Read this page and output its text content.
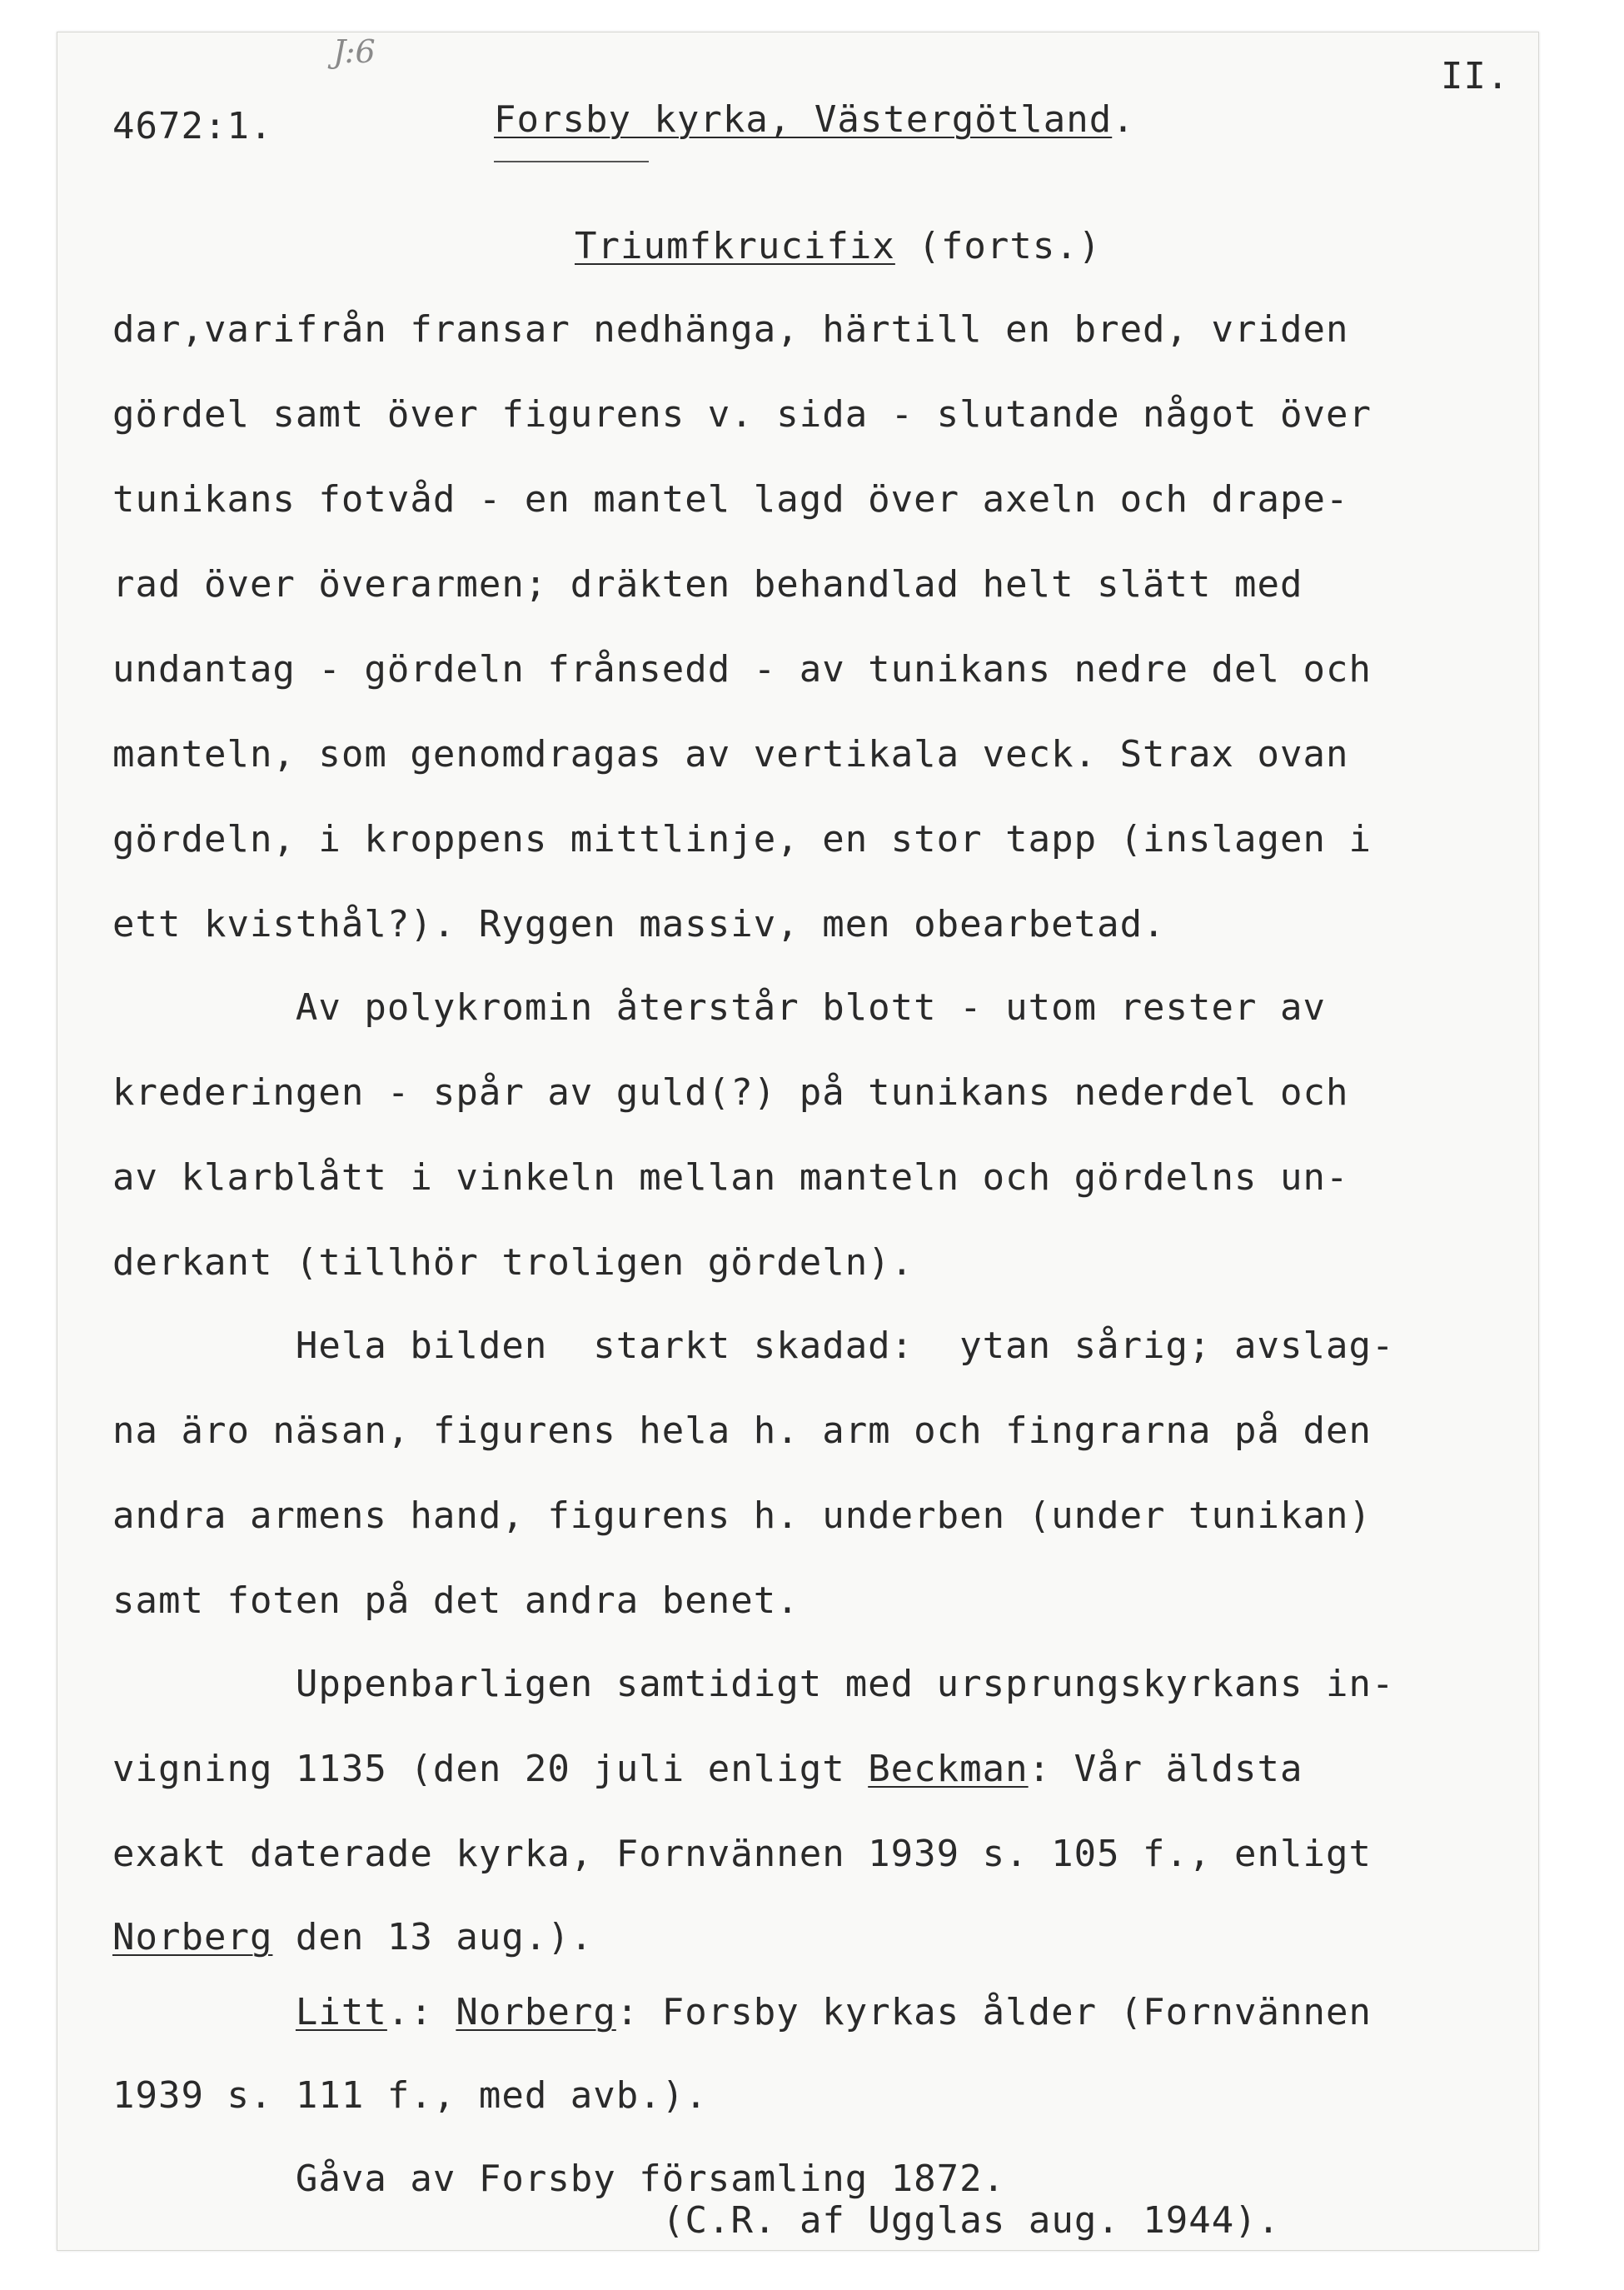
J:6
4672:1.	Forsby kyrka, Västergötland.
II.
Triumfkrucifix (forts.)
dar,varifrån fransar nedhänga, härtill en bred, vriden
gördel samt över figurens v. sida - slutande något över
tunikans fotvåd - en mantel lagd över axeln och drape-
rad över överarmen; dräkten behandlad helt slätt med
undantag - gördeln frånsedd - av tunikans nedre del och
manteln, som genomdragas av vertikala veck. Strax ovan
gördeln, i kroppens mittlinje, en stor tapp (inslagen i
ett kvisthål?). Ryggen massiv, men obearbetad.
Av polykromin återstår blott - utom rester av
krederingen - spår av guld(?) på tunikans nederdel och
av klarblått i vinkeln mellan manteln och gördelns un-
derkant (tillhör troligen gördeln).
Hela bilden  starkt skadad:  ytan sårig; avslag-
na äro näsan, figurens hela h. arm och fingrarna på den
andra armens hand, figurens h. underben (under tunikan)
samt foten på det andra benet.
Uppenbarligen samtidigt med ursprungskyrkans in-
vigning 1135 (den 20 juli enligt Beckman: Vår äldsta
exakt daterade kyrka, Fornvännen 1939 s. 105 f., enligt
Norberg den 13 aug.).
Litt.: Norberg: Forsby kyrkas ålder (Fornvännen
1939 s. 111 f., med avb.).
Gåva av Forsby församling 1872.
(C.R. af Ugglas aug. 1944).
